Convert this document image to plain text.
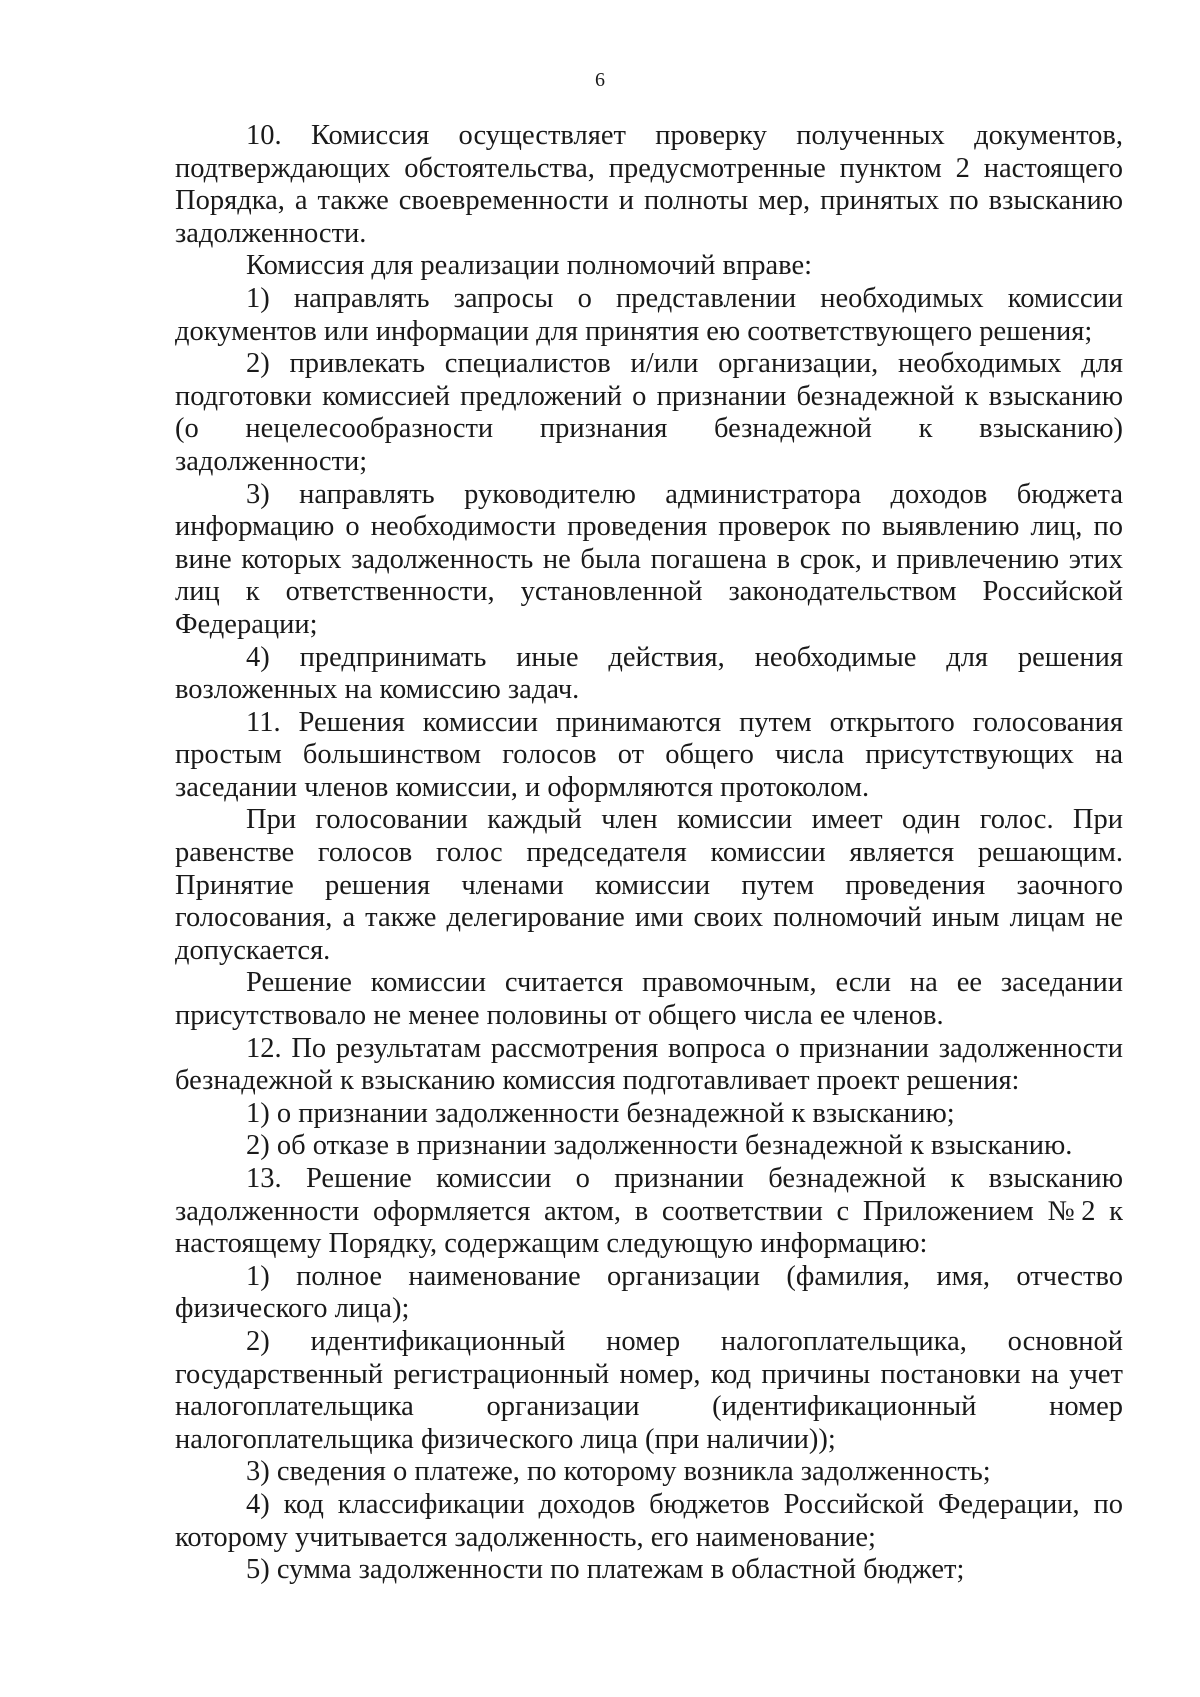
6

10. Комиссия осуществляет проверку полученных документов, подтверждающих обстоятельства, предусмотренные пунктом 2 настоящего Порядка, а также своевременности и полноты мер, принятых по взысканию задолженности.

Комиссия для реализации полномочий вправе:

1) направлять запросы о представлении необходимых комиссии документов или информации для принятия ею соответствующего решения;

2) привлекать специалистов и/или организации, необходимых для подготовки комиссией предложений о признании безнадежной к взысканию (о нецелесообразности признания безнадежной к взысканию) задолженности;

3) направлять руководителю администратора доходов бюджета информацию о необходимости проведения проверок по выявлению лиц, по вине которых задолженность не была погашена в срок, и привлечению этих лиц к ответственности, установленной законодательством Российской Федерации;

4) предпринимать иные действия, необходимые для решения возложенных на комиссию задач.

11. Решения комиссии принимаются путем открытого голосования простым большинством голосов от общего числа присутствующих на заседании членов комиссии, и оформляются протоколом.

При голосовании каждый член комиссии имеет один голос. При равенстве голосов голос председателя комиссии является решающим. Принятие решения членами комиссии путем проведения заочного голосования, а также делегирование ими своих полномочий иным лицам не допускается.

Решение комиссии считается правомочным, если на ее заседании присутствовало не менее половины от общего числа ее членов.

12. По результатам рассмотрения вопроса о признании задолженности безнадежной к взысканию комиссия подготавливает проект решения:

1) о признании задолженности безнадежной к взысканию;

2) об отказе в признании задолженности безнадежной к взысканию.

13. Решение комиссии о признании безнадежной к взысканию задолженности оформляется актом, в соответствии с Приложением №2 к настоящему Порядку, содержащим следующую информацию:

1) полное наименование организации (фамилия, имя, отчество физического лица);

2) идентификационный номер налогоплательщика, основной государственный регистрационный номер, код причины постановки на учет налогоплательщика организации (идентификационный номер налогоплательщика физического лица (при наличии));

3) сведения о платеже, по которому возникла задолженность;

4) код классификации доходов бюджетов Российской Федерации, по которому учитывается задолженность, его наименование;

5) сумма задолженности по платежам в областной бюджет;
